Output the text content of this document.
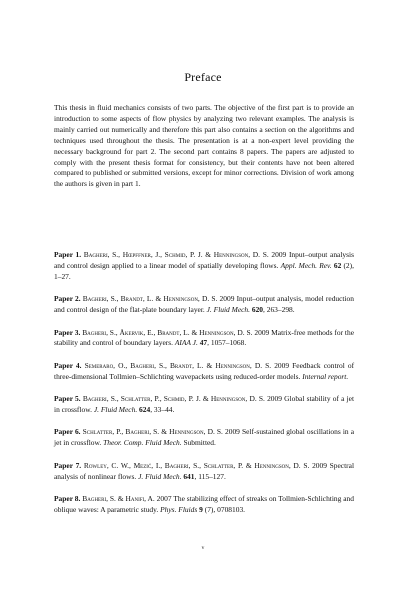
Preface

This thesis in fluid mechanics consists of two parts. The objective of the first part is to provide an introduction to some aspects of flow physics by analyzing two relevant examples. The analysis is mainly carried out numerically and therefore this part also contains a section on the algorithms and techniques used throughout the thesis. The presentation is at a non-expert level providing the necessary background for part 2. The second part contains 8 papers. The papers are adjusted to comply with the present thesis format for consistency, but their contents have not been altered compared to published or submitted versions, except for minor corrections. Division of work among the authors is given in part 1.

Paper 1. Bagheri, S., Hœpffner, J., Schmid, P. J. & Henningson, D. S. 2009 Input–output analysis and control design applied to a linear model of spatially developing flows. Appl. Mech. Rev. 62 (2), 1–27.

Paper 2. Bagheri, S., Brandt, L. & Henningson, D. S. 2009 Input–output analysis, model reduction and control design of the flat-plate boundary layer. J. Fluid Mech. 620, 263–298.

Paper 3. Bagheri, S., Åkervik, E., Brandt, L. & Henningson, D. S. 2009 Matrix-free methods for the stability and control of boundary layers. AIAA J. 47, 1057–1068.

Paper 4. Semeraro, O., Bagheri, S., Brandt, L. & Henningson, D. S. 2009 Feedback control of three-dimensional Tollmien–Schlichting wavepackets using reduced-order models. Internal report.

Paper 5. Bagheri, S., Schlatter, P., Schmid, P. J. & Henningson, D. S. 2009 Global stability of a jet in crossflow. J. Fluid Mech. 624, 33–44.

Paper 6. Schlatter, P., Bagheri, S. & Henningson, D. S. 2009 Self-sustained global oscillations in a jet in crossflow. Theor. Comp. Fluid Mech. Submitted.

Paper 7. Rowley, C. W., Mezić, I., Bagheri, S., Schlatter, P. & Henningson, D. S. 2009 Spectral analysis of nonlinear flows. J. Fluid Mech. 641, 115–127.

Paper 8. Bagheri, S. & Hanifi, A. 2007 The stabilizing effect of streaks on Tollmien-Schlichting and oblique waves: A parametric study. Phys. Fluids 9 (7), 0708103.

v
